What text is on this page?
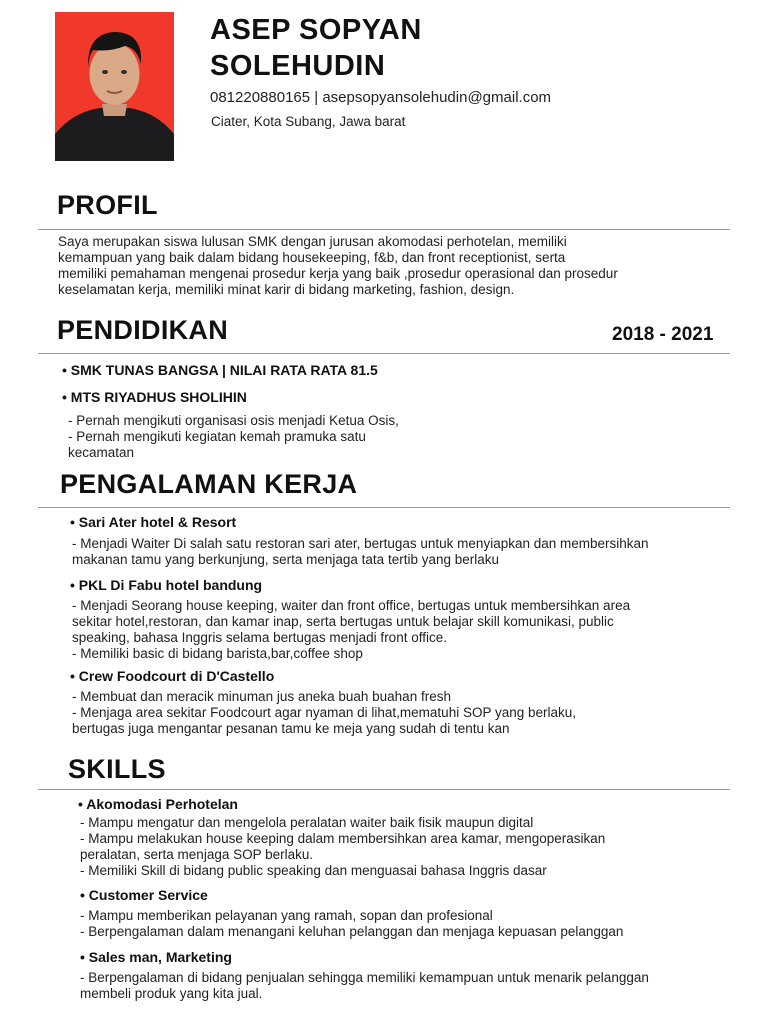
ASEP SOPYAN
SOLEHUDIN
081220880165 | asepsopyansolehudin@gmail.com
Ciater, Kota Subang, Jawa barat
PROFIL
Saya merupakan siswa lulusan SMK dengan jurusan akomodasi perhotelan, memiliki
kemampuan yang baik dalam bidang housekeeping, f&b, dan front receptionist, serta
memiliki pemahaman mengenai prosedur kerja yang baik ,prosedur operasional dan prosedur
keselamatan kerja, memiliki minat karir di bidang marketing, fashion, design.
PENDIDIKAN	2018 - 2021
• SMK TUNAS BANGSA | NILAI RATA RATA 81.5
• MTS RIYADHUS SHOLIHIN
- Pernah mengikuti organisasi osis menjadi Ketua Osis,
- Pernah mengikuti kegiatan kemah pramuka satu
kecamatan
PENGALAMAN KERJA
• Sari Ater hotel & Resort
- Menjadi Waiter Di salah satu restoran sari ater, bertugas untuk menyiapkan dan membersihkan
makanan tamu yang berkunjung, serta menjaga tata tertib yang berlaku
• PKL Di Fabu hotel bandung
- Menjadi Seorang house keeping, waiter dan front office, bertugas untuk membersihkan area
sekitar hotel,restoran, dan kamar inap, serta bertugas untuk belajar skill komunikasi, public
speaking, bahasa Inggris selama bertugas menjadi front office.
- Memiliki basic di bidang barista,bar,coffee shop
• Crew Foodcourt di D'Castello
- Membuat dan meracik minuman jus aneka buah buahan fresh
- Menjaga area sekitar Foodcourt agar nyaman di lihat,mematuhi SOP yang berlaku,
bertugas juga mengantar pesanan tamu ke meja yang sudah di tentu kan
SKILLS
• Akomodasi Perhotelan
- Mampu mengatur dan mengelola peralatan waiter baik fisik maupun digital
- Mampu melakukan house keeping dalam membersihkan area kamar, mengoperasikan
peralatan, serta menjaga SOP berlaku.
- Memiliki Skill di bidang public speaking dan menguasai bahasa Inggris dasar
• Customer Service
- Mampu memberikan pelayanan yang ramah, sopan dan profesional
- Berpengalaman dalam menangani keluhan pelanggan dan menjaga kepuasan pelanggan
• Sales man, Marketing
- Berpengalaman di bidang penjualan sehingga memiliki kemampuan untuk menarik pelanggan
membeli produk yang kita jual.
